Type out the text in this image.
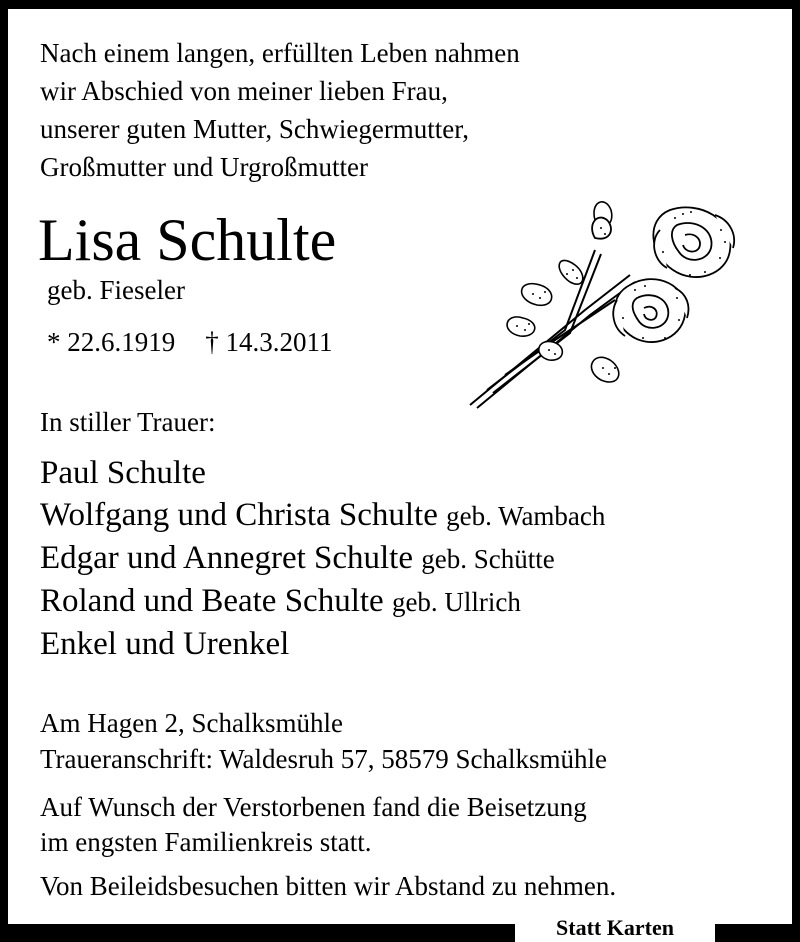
Nach einem langen, erfüllten Leben nahmen
wir Abschied von meiner lieben Frau,
unserer guten Mutter, Schwiegermutter,
Großmutter und Urgroßmutter
Lisa Schulte
geb. Fieseler
* 22.6.1919 † 14.3.2011
In stiller Trauer:
Paul Schulte
Wolfgang und Christa Schulte geb. Wambach
Edgar und Annegret Schulte geb. Schütte
Roland und Beate Schulte geb. Ullrich
Enkel und Urenkel
Am Hagen 2, Schalksmühle
Traueranschrift: Waldesruh 57, 58579 Schalksmühle
Auf Wunsch der Verstorbenen fand die Beisetzung
im engsten Familienkreis statt.
Von Beileidsbesuchen bitten wir Abstand zu nehmen.
Statt Karten
